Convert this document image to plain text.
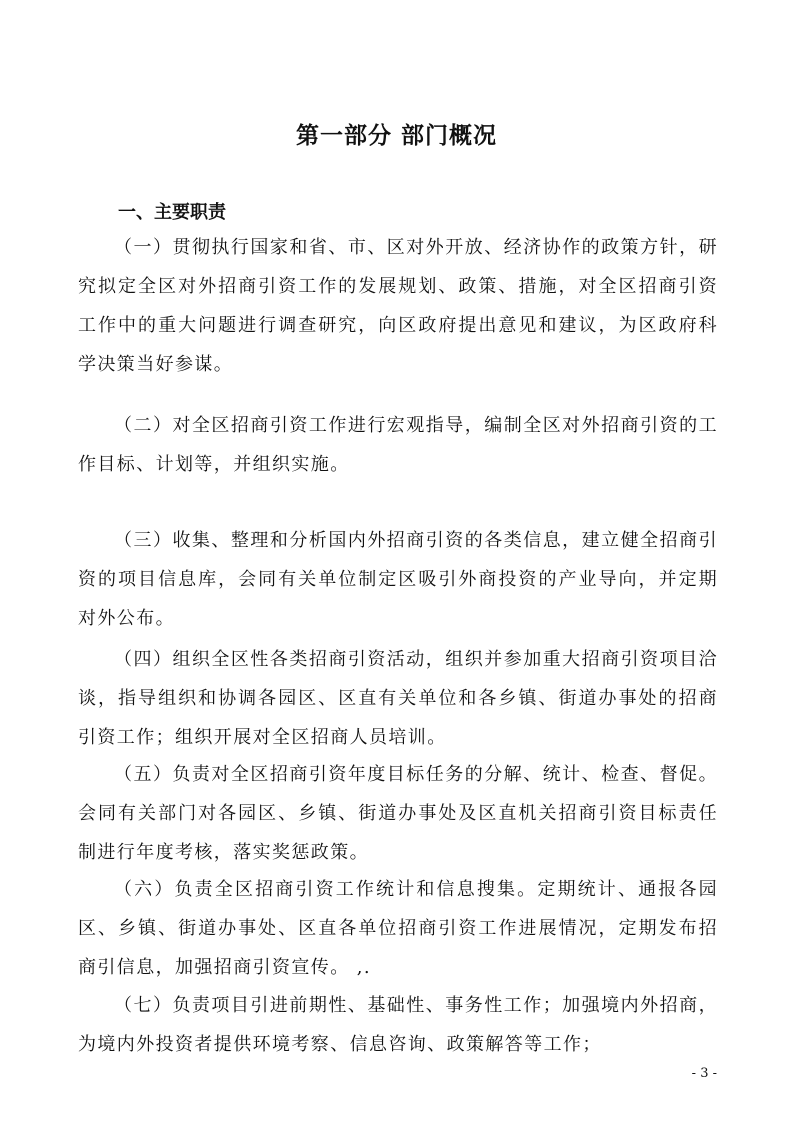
第一部分 部门概况
一、主要职责

（一）贯彻执行国家和省、市、区对外开放、经济协作的政策方针，研究拟定全区对外招商引资工作的发展规划、政策、措施，对全区招商引资工作中的重大问题进行调查研究，向区政府提出意见和建议，为区政府科学决策当好参谋。

（二）对全区招商引资工作进行宏观指导，编制全区对外招商引资的工作目标、计划等，并组织实施。

（三）收集、整理和分析国内外招商引资的各类信息，建立健全招商引资的项目信息库，会同有关单位制定区吸引外商投资的产业导向，并定期对外公布。

（四）组织全区性各类招商引资活动，组织并参加重大招商引资项目洽谈，指导组织和协调各园区、区直有关单位和各乡镇、街道办事处的招商引资工作；组织开展对全区招商人员培训。

（五）负责对全区招商引资年度目标任务的分解、统计、检查、督促。会同有关部门对各园区、乡镇、街道办事处及区直机关招商引资目标责任制进行年度考核，落实奖惩政策。

（六）负责全区招商引资工作统计和信息搜集。定期统计、通报各园区、乡镇、街道办事处、区直各单位招商引资工作进展情况，定期发布招商引信息，加强招商引资宣传。 ,.

（七）负责项目引进前期性、基础性、事务性工作；加强境内外招商，为境内外投资者提供环境考察、信息咨询、政策解答等工作；

- 3 -
